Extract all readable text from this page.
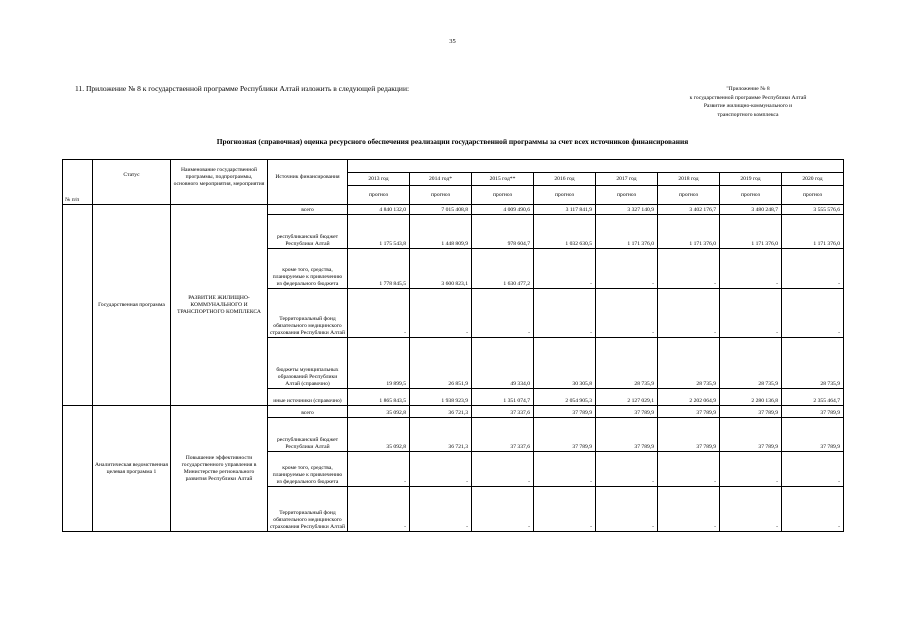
35
11. Приложение № 8 к государственной программе Республики Алтай изложить в следующей редакции:	"Приложение № 8
к государственной программе Республики Алтай
Развитие жилищно-коммунального и
транспортного комплекса
Прогнозная (справочная) оценка ресурсного обеспечения реализации государственной программы за счет всех источников финансирования
№ п/п	Статус	Наименование государственной программы, подпрограммы, основного мероприятия, мероприятия	Источник финансирования								
				2013 год	2014 год*	2015 год**	2016 год	2017 год	2018 год	2019 год	2020 год
				прогноз	прогноз	прогноз	прогноз	прогноз	прогноз	прогноз	прогноз
	Государственная программа	РАЗВИТИЕ ЖИЛИЩНО-КОММУНАЛЬНОГО И ТРАНСПОРТНОГО КОМПЛЕКСА	всего	4 840 132,0	7 015 408,8	4 009 490,6	3 117 841,9	3 327 140,9	3 402 176,7	3 480 248,7	3 555 576,6
			республиканский бюджет Республики Алтай	1 175 543,8	1 448 809,9	978 604,7	1 032 630,5	1 171 376,0	1 171 376,0	1 171 376,0	1 171 376,0
			кроме того, средства, планируемые к привлечению из федерального бюджета	1 778 845,5	3 600 823,1	1 630 477,2	-	-	-	-	-
			Территориальный фонд обязательного медицинского страхования Республики Алтай	-	-	-	-	-	-	-	-
			бюджеты муниципальных образований Республики Алтай (справочно)	19 899,5	26 851,9	49 334,0	30 305,8	28 735,9	28 735,9	28 735,9	28 735,9
			иные источники (справочно)	1 865 843,5	1 938 923,9	1 351 074,7	2 054 905,3	2 127 029,1	2 202 064,9	2 280 136,8	2 355 464,7
	Аналитическая ведомственная целевая программа 1	Повышение эффективности государственного управления в Министерстве регионального развития Республики Алтай	всего	35 092,8	36 721,3	37 337,6	37 789,9	37 789,9	37 789,9	37 789,9	37 789,9
			республиканский бюджет Республики Алтай	35 092,8	36 721,3	37 337,6	37 789,9	37 789,9	37 789,9	37 789,9	37 789,9
			кроме того, средства, планируемые к привлечению из федерального бюджета	-	-	-	-	-	-	-	-
			Территориальный фонд обязательного медицинского страхования Республики Алтай	-	-	-	-	-	-	-	-
